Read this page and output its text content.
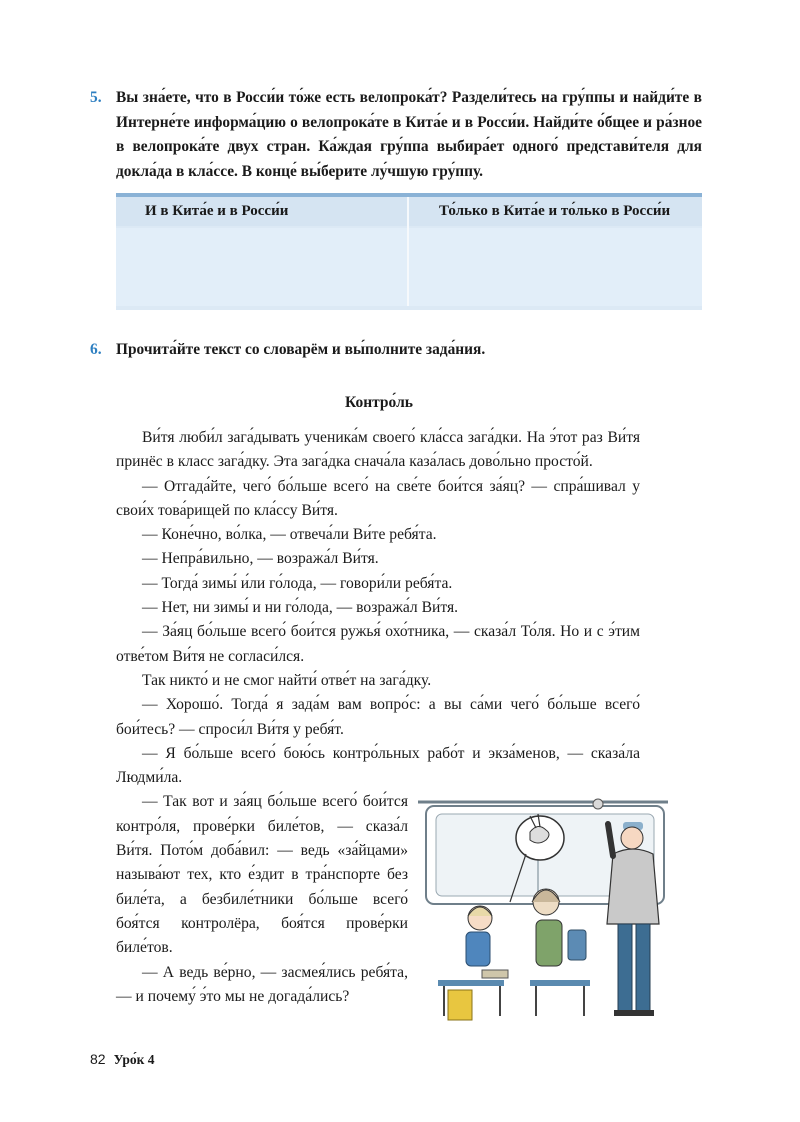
5. Вы зна́ете, что в Росси́и то́же есть велопрока́т? Раздели́тесь на гру́ппы и найди́те в Интерне́те информа́цию о велопрока́те в Кита́е и в Росси́и. Найди́те о́бщее и ра́зное в велопрока́те двух стран. Ка́ждая гру́ппа выбира́ет одного́ представи́теля для докла́да в кла́ссе. В конце́ вы́берите лу́чшую гру́ппу.
И в Кита́е и в Росси́и	То́лько в Кита́е и то́лько в Росси́и
6. Прочита́йте текст со словарём и вы́полните зада́ния.
Контро́ль

Ви́тя люби́л зага́дывать ученика́м своего́ кла́сса зага́дки. На э́тот раз Ви́тя принёс в класс зага́дку. Эта зага́дка снача́ла каза́лась дово́льно просто́й.

— Отгада́йте, чего́ бо́льше всего́ на све́те бои́тся за́яц? — спра́шивал у свои́х това́рищей по кла́ссу Ви́тя.

— Коне́чно, во́лка, — отвеча́ли Ви́те ребя́та.

— Непра́вильно, — возража́л Ви́тя.

— Тогда́ зимы́ и́ли го́лода, — говори́ли ребя́та.

— Нет, ни зимы́ и ни го́лода, — возража́л Ви́тя.

— За́яц бо́льше всего́ бои́тся ружья́ охо́тника, — сказа́л То́ля. Но и с э́тим отве́том Ви́тя не согласи́лся.

Так никто́ и не смог найти́ отве́т на зага́дку.

— Хорошо́. Тогда́ я зада́м вам вопро́с: а вы са́ми чего́ бо́льше всего́ бои́тесь? — спроси́л Ви́тя у ребя́т.

— Я бо́льше всего́ бою́сь контро́льных рабо́т и экза́менов, — сказа́ла Людми́ла.

— Так вот и за́яц бо́льше всего́ бои́тся контро́ля, прове́рки биле́тов, — сказа́л Ви́тя. Пото́м доба́вил: — ведь «за́йцами» называ́ют тех, кто е́здит в тра́нспорте без биле́та, а безбиле́тники бо́льше всего́ боя́тся контролёра, боя́тся прове́рки биле́тов.

— А ведь ве́рно, — засмея́лись ребя́та, — и почему́ э́то мы не догада́лись?

82 Уро́к 4
